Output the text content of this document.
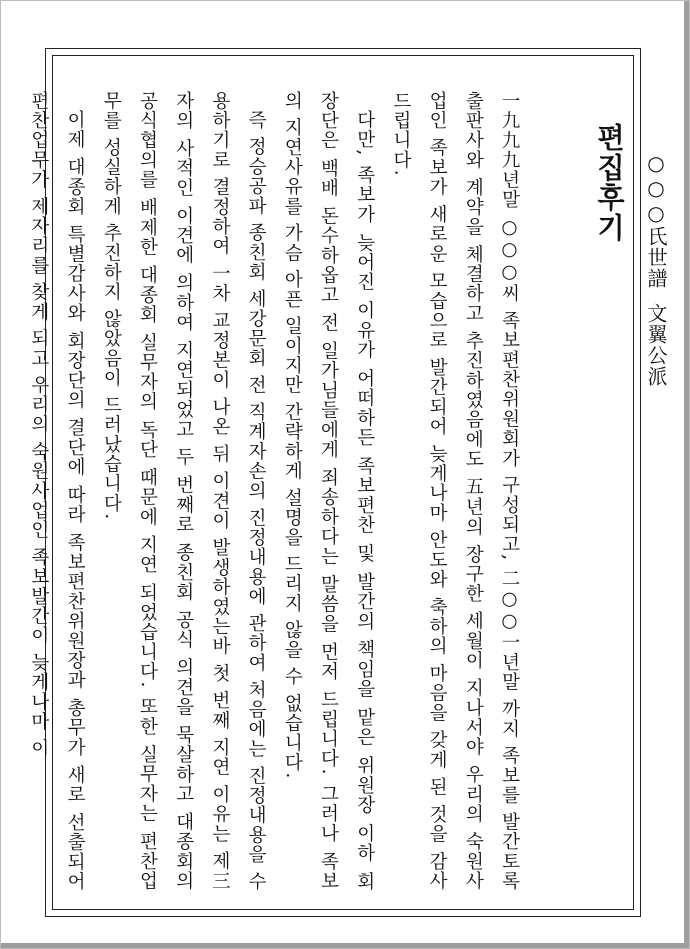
○○○氏世譜文翼公派
편집후기

一九九九년말 ○○○씨 족보편찬위원회가 구성되고, 二○○一년말 까지 족보를 발간토록 출판사와 계약을 체결하고 추진하였음에도 五년의 장구한 세월이 지나서야 우리의 숙원사업인 족보가 새로운 모습으로 발간되어 늦게나마 안도와 축하의 마음을 갖게 된 것을 감사드립니다.

다만, 족보가 늦어진 이유가 어떠하든 족보편찬 및 발간의 책임을 맡은 위원장 이하 회장단은 백배 돈수하옵고 전 일가님들에게 죄송하다는 말씀을 먼저 드립니다. 그러나 족보의 지연사유를 가슴 아픈 일이지만 간략하게 설명을 드리지 않을 수 없습니다.

즉 정승공파 종친회 세강문회 전 직계자손의 진정내용에 관하여 처음에는 진정내용을 수용하기로 결정하여 一차 교정본이 나온 뒤 이견이 발생하였는바 첫 번째 지연 이유는 제三자의 사적인 이견에 의하여 지연되었고 두 번째로 종친회 공식 의견을 묵살하고 대종회의 공식협의를 배제한 대종회 실무자의 독단 때문에 지연 되었습니다. 또한 실무자는 편찬업무를 성실하게 추진하지 않았음이 드러났습니다.

이제 대종회 특별감사와 회장단의 결단에 따라 족보편찬위원장과 총무가 새로 선출되어 편찬업무가 제자리를 찾게 되고 우리의 숙원사업인 족보발간이 늦게나마 이
